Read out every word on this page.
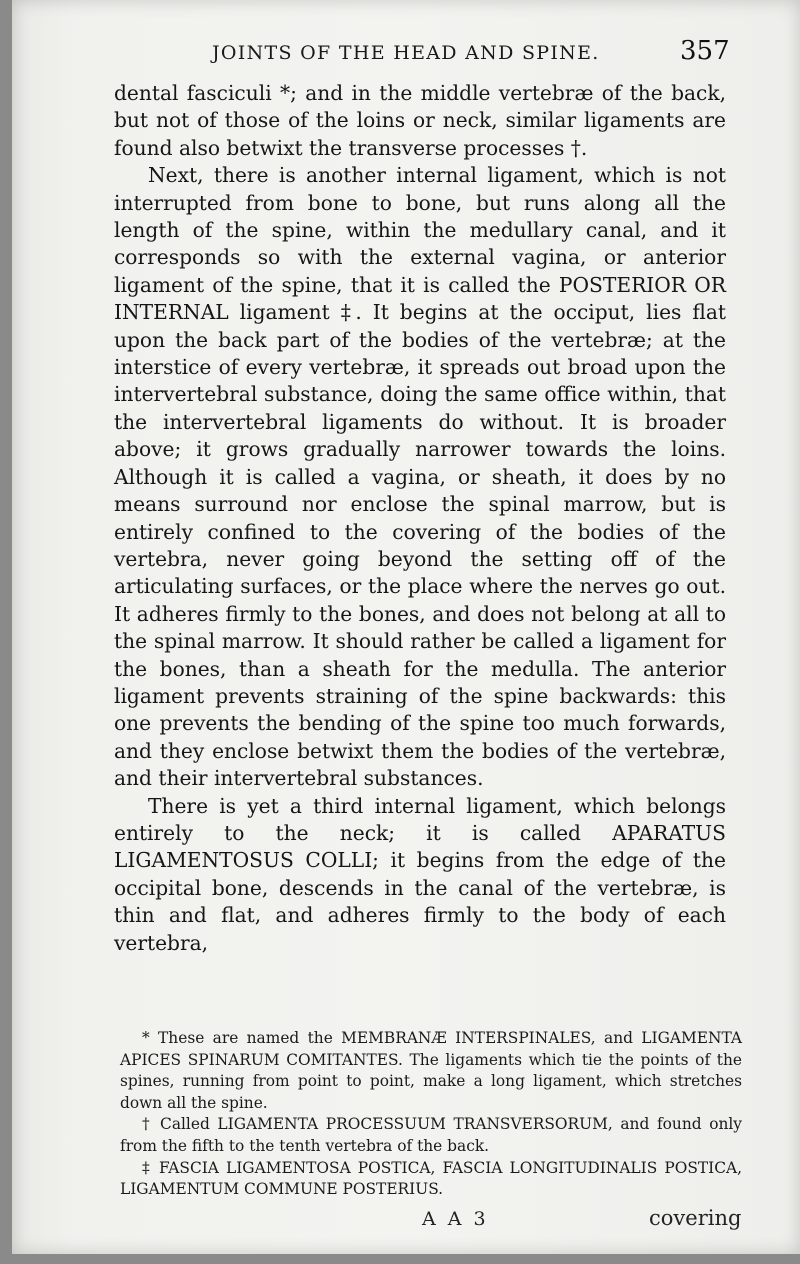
JOINTS OF THE HEAD AND SPINE.	357

dental fasciculi *; and in the middle vertebræ of the back, but not of those of the loins or neck, similar ligaments are found also betwixt the transverse processes †.

Next, there is another internal ligament, which is not interrupted from bone to bone, but runs along all the length of the spine, within the medullary canal, and it corresponds so with the external vagina, or anterior ligament of the spine, that it is called the POSTERIOR OR INTERNAL ligament ‡. It begins at the occiput, lies flat upon the back part of the bodies of the vertebræ; at the interstice of every vertebræ, it spreads out broad upon the intervertebral substance, doing the same office within, that the intervertebral ligaments do without. It is broader above; it grows gradually narrower towards the loins. Although it is called a vagina, or sheath, it does by no means surround nor enclose the spinal marrow, but is entirely confined to the covering of the bodies of the vertebra, never going beyond the setting off of the articulating surfaces, or the place where the nerves go out. It adheres firmly to the bones, and does not belong at all to the spinal marrow. It should rather be called a ligament for the bones, than a sheath for the medulla. The anterior ligament prevents straining of the spine backwards: this one prevents the bending of the spine too much forwards, and they enclose betwixt them the bodies of the vertebræ, and their intervertebral substances.

There is yet a third internal ligament, which belongs entirely to the neck; it is called APARATUS LIGAMENTOSUS COLLI; it begins from the edge of the occipital bone, descends in the canal of the vertebræ, is thin and flat, and adheres firmly to the body of each vertebra,

* These are named the MEMBRANÆ INTERSPINALES, and LIGAMENTA APICES SPINARUM COMITANTES. The ligaments which tie the points of the spines, running from point to point, make a long ligament, which stretches down all the spine.

† Called LIGAMENTA PROCESSUUM TRANSVERSORUM, and found only from the fifth to the tenth vertebra of the back.

‡ FASCIA LIGAMENTOSA POSTICA, FASCIA LONGITUDINALIS POSTICA, LIGAMENTUM COMMUNE POSTERIUS.

A A 3	covering
